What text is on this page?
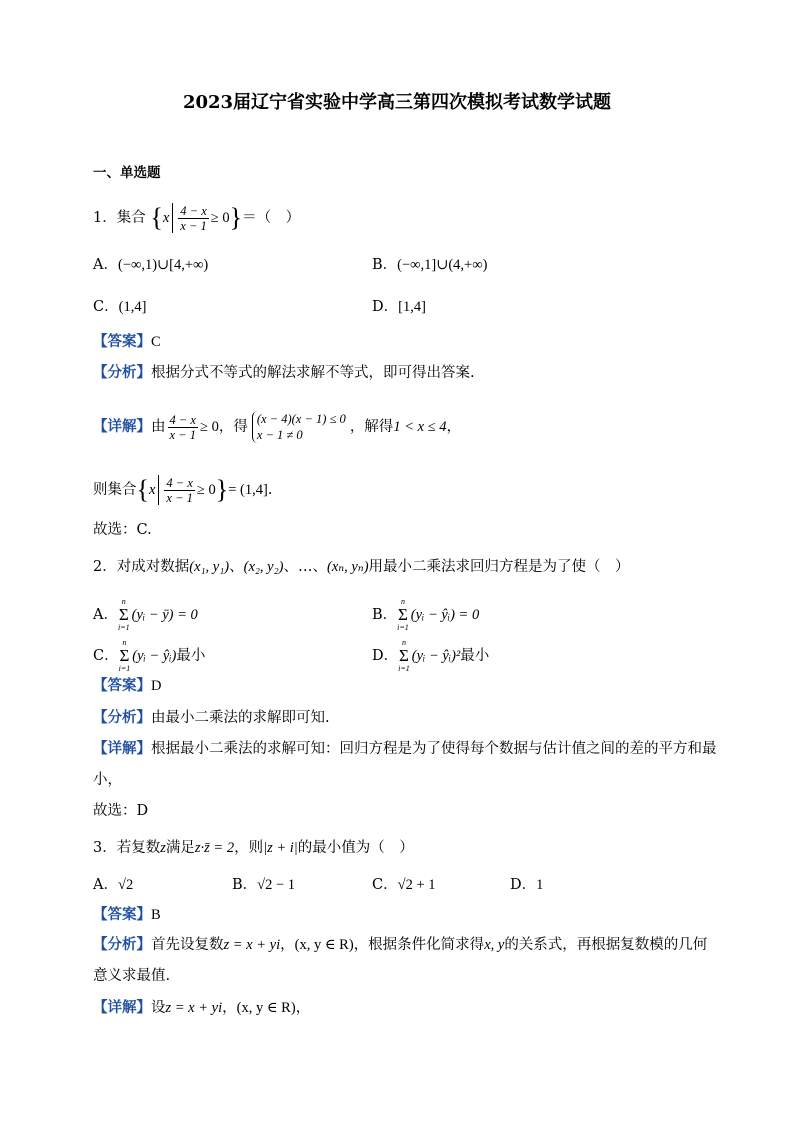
2023届辽宁省实验中学高三第四次模拟考试数学试题
一、单选题
1．集合 $\{x \frac{4 - x}{x - 1} \ge 0\}=$（　）
A．(−∞,1)∪[4,+∞)	B．(−∞,1]∪(4,+∞)
C．(1,4]	D．[1,4]
【答案】C
【分析】根据分式不等式的解法求解不等式，即可得出答案.
【详解】由 $\frac{4 - x}{x - 1} \ge 0$，得 (x − 4)(x − 1) ≤ 0
x − 1 ≠ 0	，解得1 < x ≤ 4，
则集合$\{x \frac{4 - x}{x - 1} \ge 0\}= (1,4]$.
故选：C.
2．对成对数据(x₁, y₁)、(x₂, y₂)、…、(xₙ, yₙ)用最小二乘法求回归方程是为了使（　）
A．
n
Σ
i=1
(yᵢ − ȳ) = 0	B．
n
Σ
i=1
(yᵢ − ŷᵢ) = 0
C．
n
Σ
i=1
(yᵢ − ŷᵢ)最小	D．
n
Σ
i=1
(yᵢ − ŷᵢ)²最小
【答案】D
【分析】由最小二乘法的求解即可知.
【详解】根据最小二乘法的求解可知：回归方程是为了使得每个数据与估计值之间的差的平方和最
小，
故选：D
3．若复数z满足z·z̄ = 2，则|z + i|的最小值为（　）
A．√2	B．√2 − 1	C．√2 + 1	D．1
【答案】B
【分析】首先设复数z = x + yi，(x, y ∈ R)，根据条件化简求得x, y的关系式，再根据复数模的几何
意义求最值.
【详解】设z = x + yi，(x, y ∈ R)，
